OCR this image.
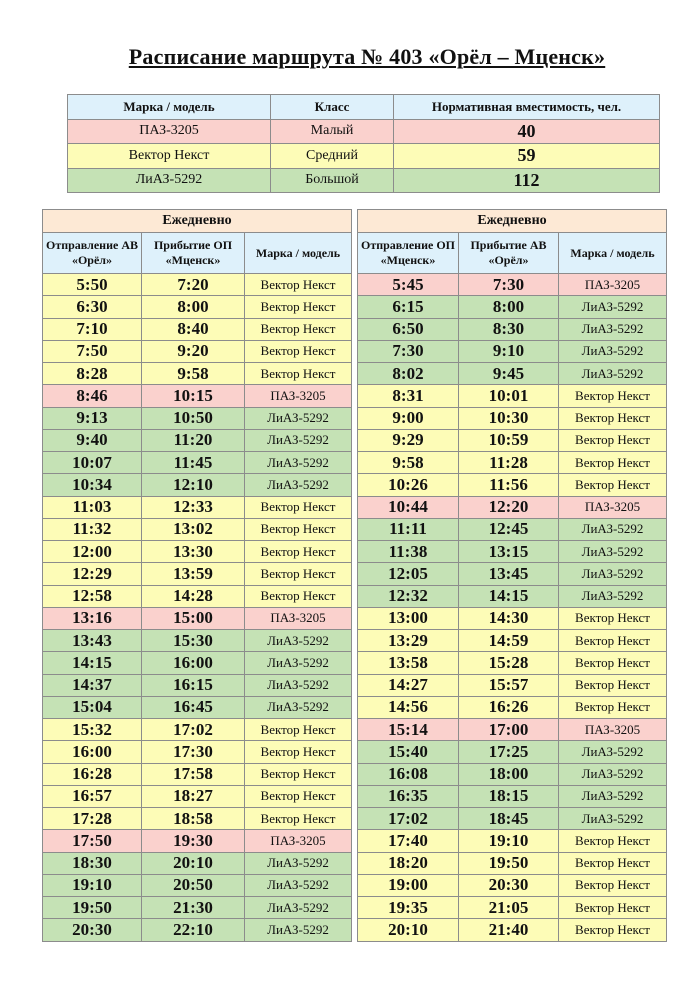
Расписание маршрута № 403 «Орёл – Мценск»
Марка / модель	Класс	Нормативная вместимость, чел.
ПАЗ-3205	Малый	40
Вектор Некст	Средний	59
ЛиАЗ-5292	Большой	112
Ежедневно		
Отправление АВ «Орёл»	Прибытие ОП «Мценск»	Марка / модель
5:50	7:20	Вектор Некст
6:30	8:00	Вектор Некст
7:10	8:40	Вектор Некст
7:50	9:20	Вектор Некст
8:28	9:58	Вектор Некст
8:46	10:15	ПАЗ-3205
9:13	10:50	ЛиАЗ-5292
9:40	11:20	ЛиАЗ-5292
10:07	11:45	ЛиАЗ-5292
10:34	12:10	ЛиАЗ-5292
11:03	12:33	Вектор Некст
11:32	13:02	Вектор Некст
12:00	13:30	Вектор Некст
12:29	13:59	Вектор Некст
12:58	14:28	Вектор Некст
13:16	15:00	ПАЗ-3205
13:43	15:30	ЛиАЗ-5292
14:15	16:00	ЛиАЗ-5292
14:37	16:15	ЛиАЗ-5292
15:04	16:45	ЛиАЗ-5292
15:32	17:02	Вектор Некст
16:00	17:30	Вектор Некст
16:28	17:58	Вектор Некст
16:57	18:27	Вектор Некст
17:28	18:58	Вектор Некст
17:50	19:30	ПАЗ-3205
18:30	20:10	ЛиАЗ-5292
19:10	20:50	ЛиАЗ-5292
19:50	21:30	ЛиАЗ-5292
20:30	22:10	ЛиАЗ-5292
Ежедневно		
Отправление ОП «Мценск»	Прибытие АВ «Орёл»	Марка / модель
5:45	7:30	ПАЗ-3205
6:15	8:00	ЛиАЗ-5292
6:50	8:30	ЛиАЗ-5292
7:30	9:10	ЛиАЗ-5292
8:02	9:45	ЛиАЗ-5292
8:31	10:01	Вектор Некст
9:00	10:30	Вектор Некст
9:29	10:59	Вектор Некст
9:58	11:28	Вектор Некст
10:26	11:56	Вектор Некст
10:44	12:20	ПАЗ-3205
11:11	12:45	ЛиАЗ-5292
11:38	13:15	ЛиАЗ-5292
12:05	13:45	ЛиАЗ-5292
12:32	14:15	ЛиАЗ-5292
13:00	14:30	Вектор Некст
13:29	14:59	Вектор Некст
13:58	15:28	Вектор Некст
14:27	15:57	Вектор Некст
14:56	16:26	Вектор Некст
15:14	17:00	ПАЗ-3205
15:40	17:25	ЛиАЗ-5292
16:08	18:00	ЛиАЗ-5292
16:35	18:15	ЛиАЗ-5292
17:02	18:45	ЛиАЗ-5292
17:40	19:10	Вектор Некст
18:20	19:50	Вектор Некст
19:00	20:30	Вектор Некст
19:35	21:05	Вектор Некст
20:10	21:40	Вектор Некст
